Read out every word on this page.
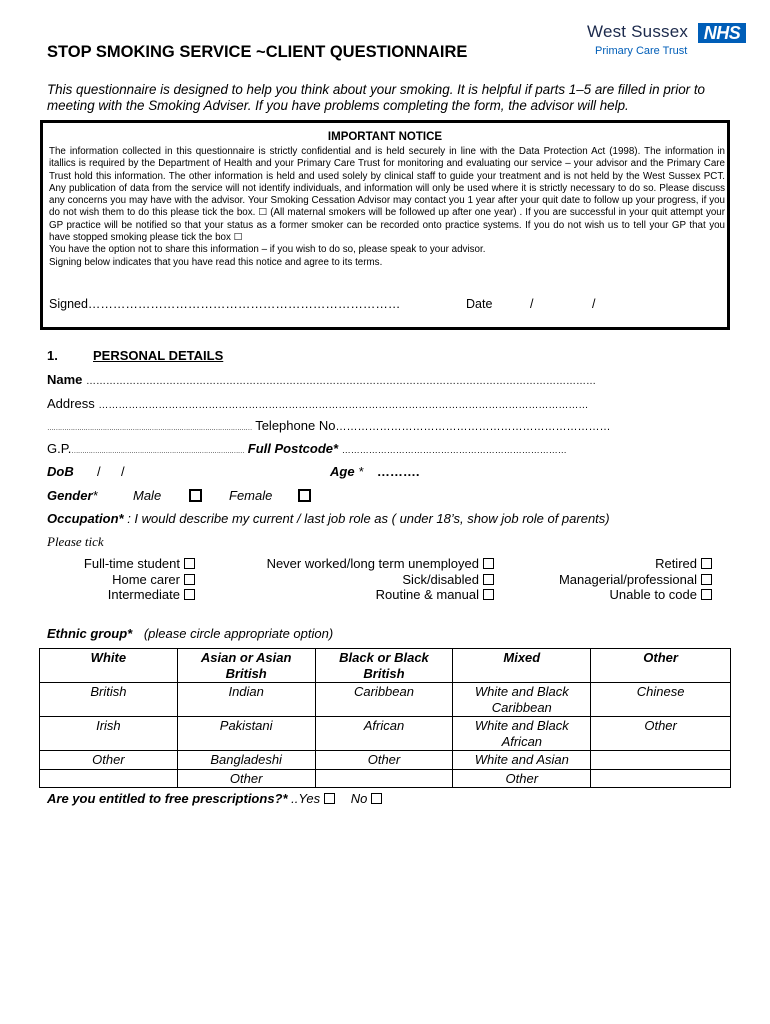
West Sussex NHS
Primary Care Trust
STOP SMOKING SERVICE ~CLIENT QUESTIONNAIRE
This questionnaire is designed to help you think about your smoking. It is helpful if parts 1–5 are filled in prior to meeting with the Smoking Adviser. If you have problems completing the form, the advisor will help.
IMPORTANT NOTICE
The information collected in this questionnaire is strictly confidential and is held securely in line with the Data Protection Act (1998). The information in itallics is required by the Department of Health and your Primary Care Trust for monitoring and evaluating our service – your advisor and the Primary Care Trust hold this information. The other information is held and used solely by clinical staff to guide your treatment and is not held by the West Sussex PCT. Any publication of data from the service will not identify individuals, and information will only be used where it is strictly necessary to do so. Please discuss any concerns you may have with the advisor. Your Smoking Cessation Advisor may contact you 1 year after your quit date to follow up your progress, if you do not wish them to do this please tick the box. ☐ (All maternal smokers will be followed up after one year) . If you are successful in your quit attempt your GP practice will be notified so that your status as a former smoker can be recorded onto practice systems. If you do not wish us to tell your GP that you have stopped smoking please tick the box ☐
You have the option not to share this information – if you wish to do so, please speak to your advisor.
Signing below indicates that you have read this notice and agree to its terms.
Signed…………………………………………………………………	Date	/	/
1.	PERSONAL DETAILS
Name ………………………………………………………………………………………………………………………………………
Address …………………………………………………………………………………………………………………………………
…………………………………………………………………………………… Telephone No…………………………………………………………………
G.P.……………………………………………………………………… Full Postcode* …………………………………………………………………
DoB / /	Age * ……….
Gender*	Male	Female
Occupation* : I would describe my current / last job role as ( under 18’s, show job role of parents)
Please tick
Full-time student
Home carer
Intermediate
Never worked/long term unemployed
Sick/disabled
Routine & manual
Retired
Managerial/professional
Unable to code
Ethnic group* (please circle appropriate option)
White	Asian or Asian British	Black or Black British	Mixed	Other
British	Indian	Caribbean	White and Black Caribbean	Chinese
Irish	Pakistani	African	White and Black African	Other
Other	Bangladeshi	Other	White and Asian	
	Other		Other	
Are you entitled to free prescriptions?* ..Yes No
